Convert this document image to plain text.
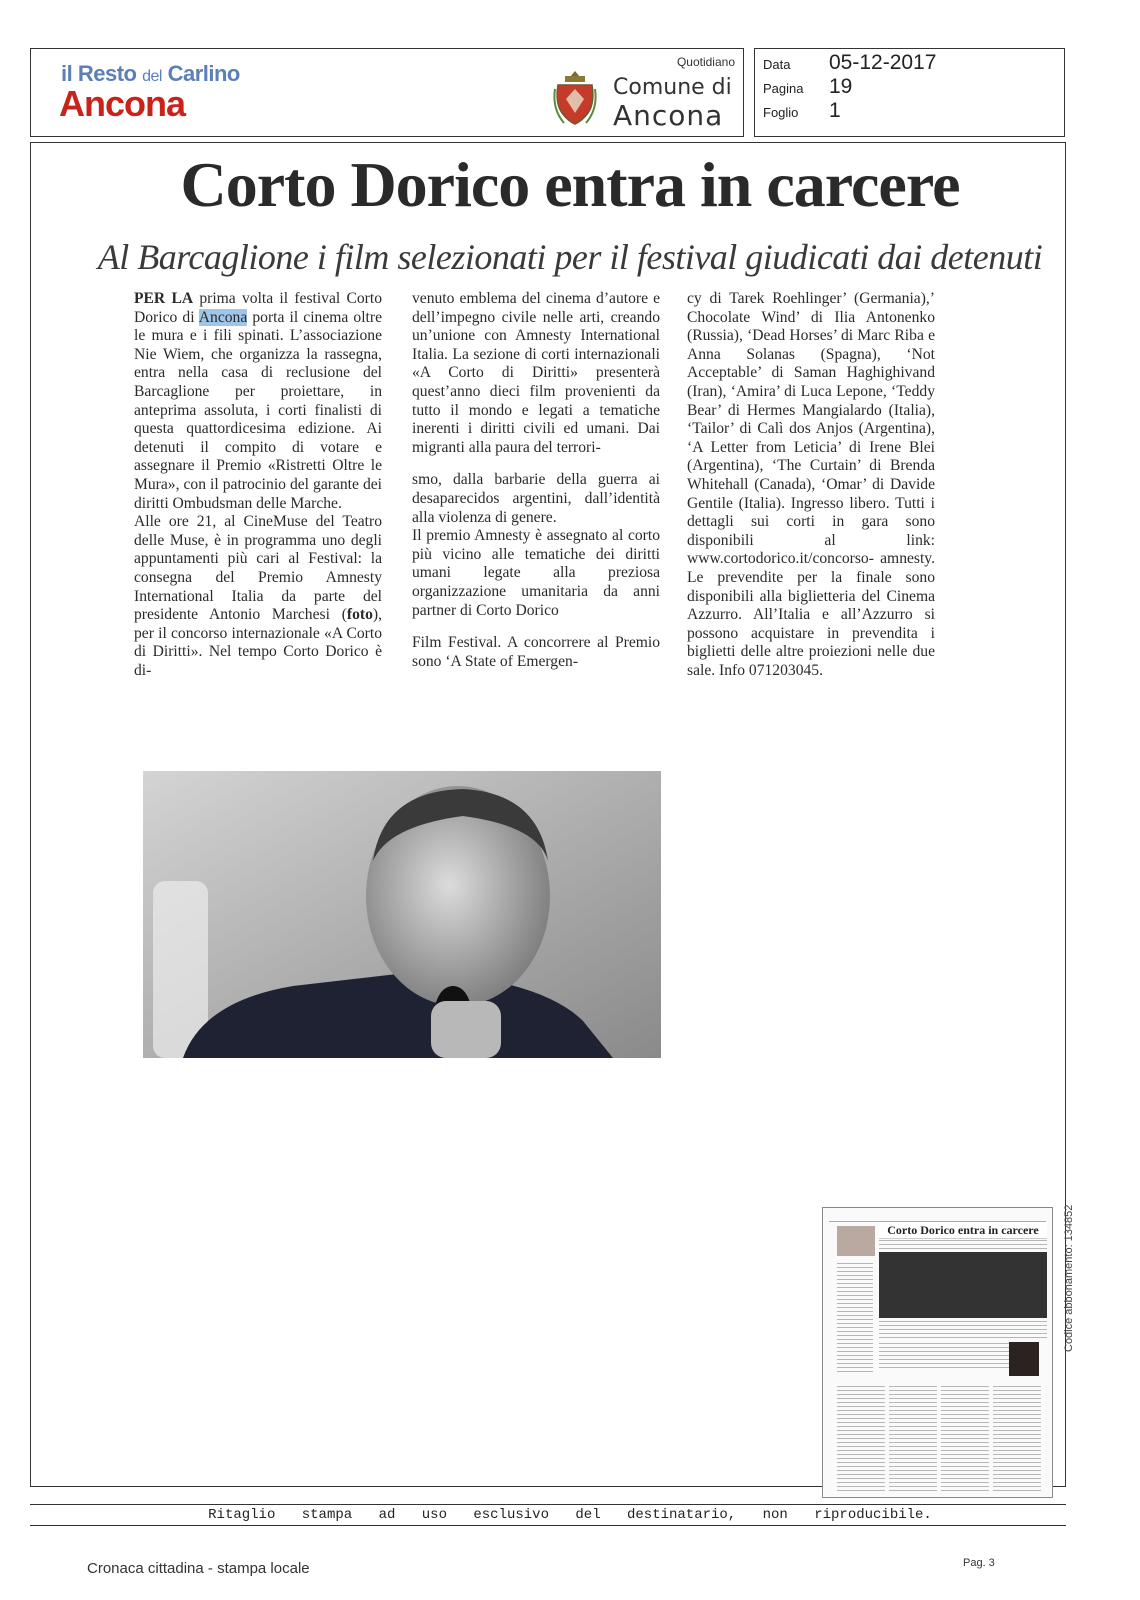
il Resto del Carlino
Ancona
Quotidiano
Comune di
Ancona
Data 05-12-2017
Pagina 19
Foglio 1
Corto Dorico entra in carcere
Al Barcaglione i film selezionati per il festival giudicati dai detenuti

PER LA prima volta il festival Corto Dorico di Ancona porta il cinema oltre le mura e i fili spinati. L’associazione Nie Wiem, che organizza la rassegna, entra nella casa di reclusione del Barcaglione per proiettare, in anteprima assoluta, i corti finalisti di questa quattordicesima edizione. Ai detenuti il compito di votare e assegnare il Premio «Ristretti Oltre le Mura», con il patrocinio del garante dei diritti Ombudsman delle Marche.

Alle ore 21, al CineMuse del Teatro delle Muse, è in programma uno degli appuntamenti più cari al Festival: la consegna del Premio Amnesty International Italia da parte del presidente Antonio Marchesi (foto), per il concorso internazionale «A Corto di Diritti». Nel tempo Corto Dorico è di-

venuto emblema del cinema d’autore e dell’impegno civile nelle arti, creando un’unione con Amnesty International Italia. La sezione di corti internazionali «A Corto di Diritti» presenterà quest’anno dieci film provenienti da tutto il mondo e legati a tematiche inerenti i diritti civili ed umani. Dai migranti alla paura del terrori-

smo, dalla barbarie della guerra ai desaparecidos argentini, dall’identità alla violenza di genere.

Il premio Amnesty è assegnato al corto più vicino alle tematiche dei diritti umani legate alla preziosa organizzazione umanitaria da anni partner di Corto Dorico

Film Festival. A concorrere al Premio sono ‘A State of Emergen-

cy di Tarek Roehlinger’ (Germania),’ Chocolate Wind’ di Ilia Antonenko (Russia), ‘Dead Horses’ di Marc Riba e Anna Solanas (Spagna), ‘Not Acceptable’ di Saman Haghighivand (Iran), ‘Amira’ di Luca Lepone, ‘Teddy Bear’ di Hermes Mangialardo (Italia), ‘Tailor’ di Calì dos Anjos (Argentina), ‘A Letter from Leticia’ di Irene Blei (Argentina), ‘The Curtain’ di Brenda Whitehall (Canada), ‘Omar’ di Davide Gentile (Italia). Ingresso libero. Tutti i dettagli sui corti in gara sono disponibili al link: www.cortodorico.it/concorso- amnesty. Le prevendite per la finale sono disponibili alla biglietteria del Cinema Azzurro. All’Italia e all’Azzurro si possono acquistare in prevendita i biglietti delle altre proiezioni nelle due sale. Info 071203045.

Corto Dorico entra in carcere	Codice abbonamento: 134852
Ritaglio stampa ad uso esclusivo del destinatario, non riproducibile.
Cronaca cittadina - stampa locale	Pag. 3
